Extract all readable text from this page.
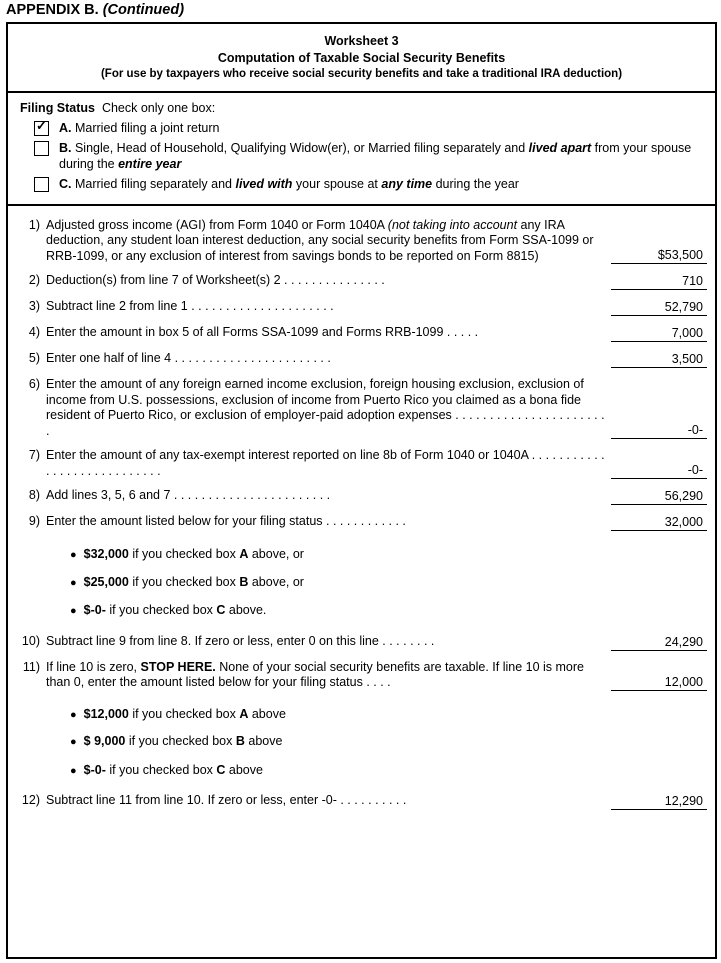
APPENDIX B. (Continued)
Worksheet 3
Computation of Taxable Social Security Benefits
(For use by taxpayers who receive social security benefits and take a traditional IRA deduction)
Filing Status Check only one box:
✓ A. Married filing a joint return
B. Single, Head of Household, Qualifying Widow(er), or Married filing separately and lived apart from your spouse during the entire year
C. Married filing separately and lived with your spouse at any time during the year
1) Adjusted gross income (AGI) from Form 1040 or Form 1040A (not taking into account any IRA deduction, any student loan interest deduction, any social security benefits from Form SSA-1099 or RRB-1099, or any exclusion of interest from savings bonds to be reported on Form 8815)	$53,500
2) Deduction(s) from line 7 of Worksheet(s) 2 . . . . . . . . . . . . . . .	710
3) Subtract line 2 from line 1 . . . . . . . . . . . . . . . . . . . . .	52,790
4) Enter the amount in box 5 of all Forms SSA-1099 and Forms RRB-1099 . . . . .	7,000
5) Enter one half of line 4 . . . . . . . . . . . . . . . . . . . . . . .	3,500
6) Enter the amount of any foreign earned income exclusion, foreign housing exclusion, exclusion of income from U.S. possessions, exclusion of income from Puerto Rico you claimed as a bona fide resident of Puerto Rico, or exclusion of employer-paid adoption expenses . . . . . . . . . . . . . . . . . . . . . . .	-0-
7) Enter the amount of any tax-exempt interest reported on line 8b of Form 1040 or 1040A . . . . . . . . . . . . . . . . . . . . . . . . . . . .	-0-
8) Add lines 3, 5, 6 and 7 . . . . . . . . . . . . . . . . . . . . . . .	56,290
9) Enter the amount listed below for your filing status . . . . . . . . . . . .	32,000
● $32,000 if you checked box A above, or
● $25,000 if you checked box B above, or
● $-0- if you checked box C above.
10) Subtract line 9 from line 8. If zero or less, enter 0 on this line . . . . . . . .	24,290
11) If line 10 is zero, STOP HERE. None of your social security benefits are taxable. If line 10 is more than 0, enter the amount listed below for your filing status . . . .	12,000
● $12,000 if you checked box A above
● $ 9,000 if you checked box B above
● $-0- if you checked box C above
12) Subtract line 11 from line 10. If zero or less, enter -0- . . . . . . . . . .	12,290
